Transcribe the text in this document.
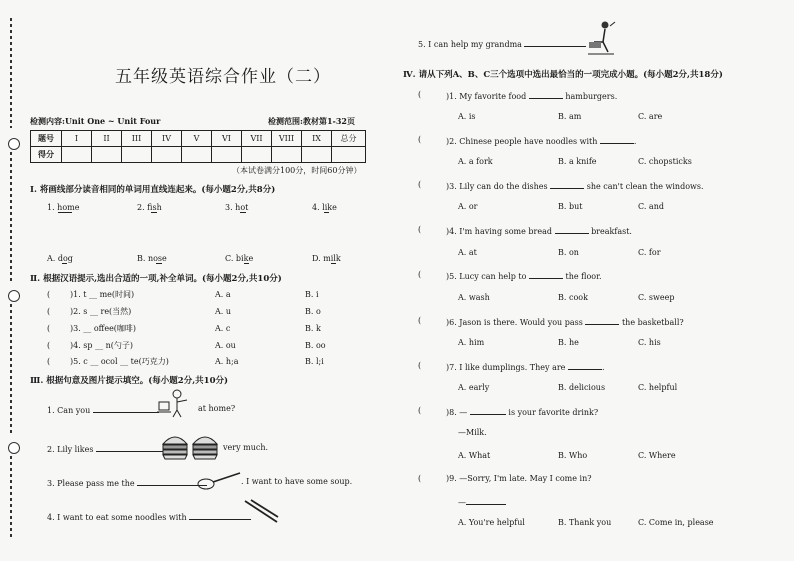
五年级英语综合作业（二）
检测内容:Unit One ~ Unit Four	检测范围:教材第1-32页
题号	I	II	III	IV	V	VI	VII	VIII	IX	总分
得分										
（本试卷满分100分，时间60分钟）
Ⅰ. 将画线部分读音相同的单词用直线连起来。(每小题2分,共8分)
1. home	2. fish	3. hot	4. like
A. dog	B. nose	C. bike	D. milk
Ⅱ. 根据汉语提示,选出合适的一项,补全单词。(每小题2分,共10分)
( )1. t __ me(时间)	A. a	B. i
( )2. s __ re(当然)	A. u	B. o
( )3. __ offee(咖啡)	A. c	B. k
( )4. sp __ n(勺子)	A. ou	B. oo
( )5. c __ ocol __ te(巧克力)	A. h;a	B. l;i
Ⅲ. 根据句意及图片提示填空。(每小题2分,共10分)
1. Can you	at home?
2. Lily likes	very much.
3. Please pass me the	. I want to have some soup.
4. I want to eat some noodles with
5. I can help my grandma
Ⅳ. 请从下列A、B、C三个选项中选出最恰当的一项完成小题。(每小题2分,共18分)
(	)1. My favorite food	hamburgers.
A. is	B. am	C. are
(	)2. Chinese people have noodles with	.
A. a fork	B. a knife	C. chopsticks
(	)3. Lily can do the dishes	she can't clean the windows.
A. or	B. but	C. and
(	)4. I'm having some bread	breakfast.
A. at	B. on	C. for
(	)5. Lucy can help to	the floor.
A. wash	B. cook	C. sweep
(	)6. Jason is there. Would you pass	the basketball?
A. him	B. he	C. his
(	)7. I like dumplings. They are	.
A. early	B. delicious	C. helpful
(	)8. —	is your favorite drink?
—Milk.
A. What	B. Who	C. Where
(	)9. —Sorry, I'm late. May I come in?
—
A. You're helpful	B. Thank you	C. Come in, please
